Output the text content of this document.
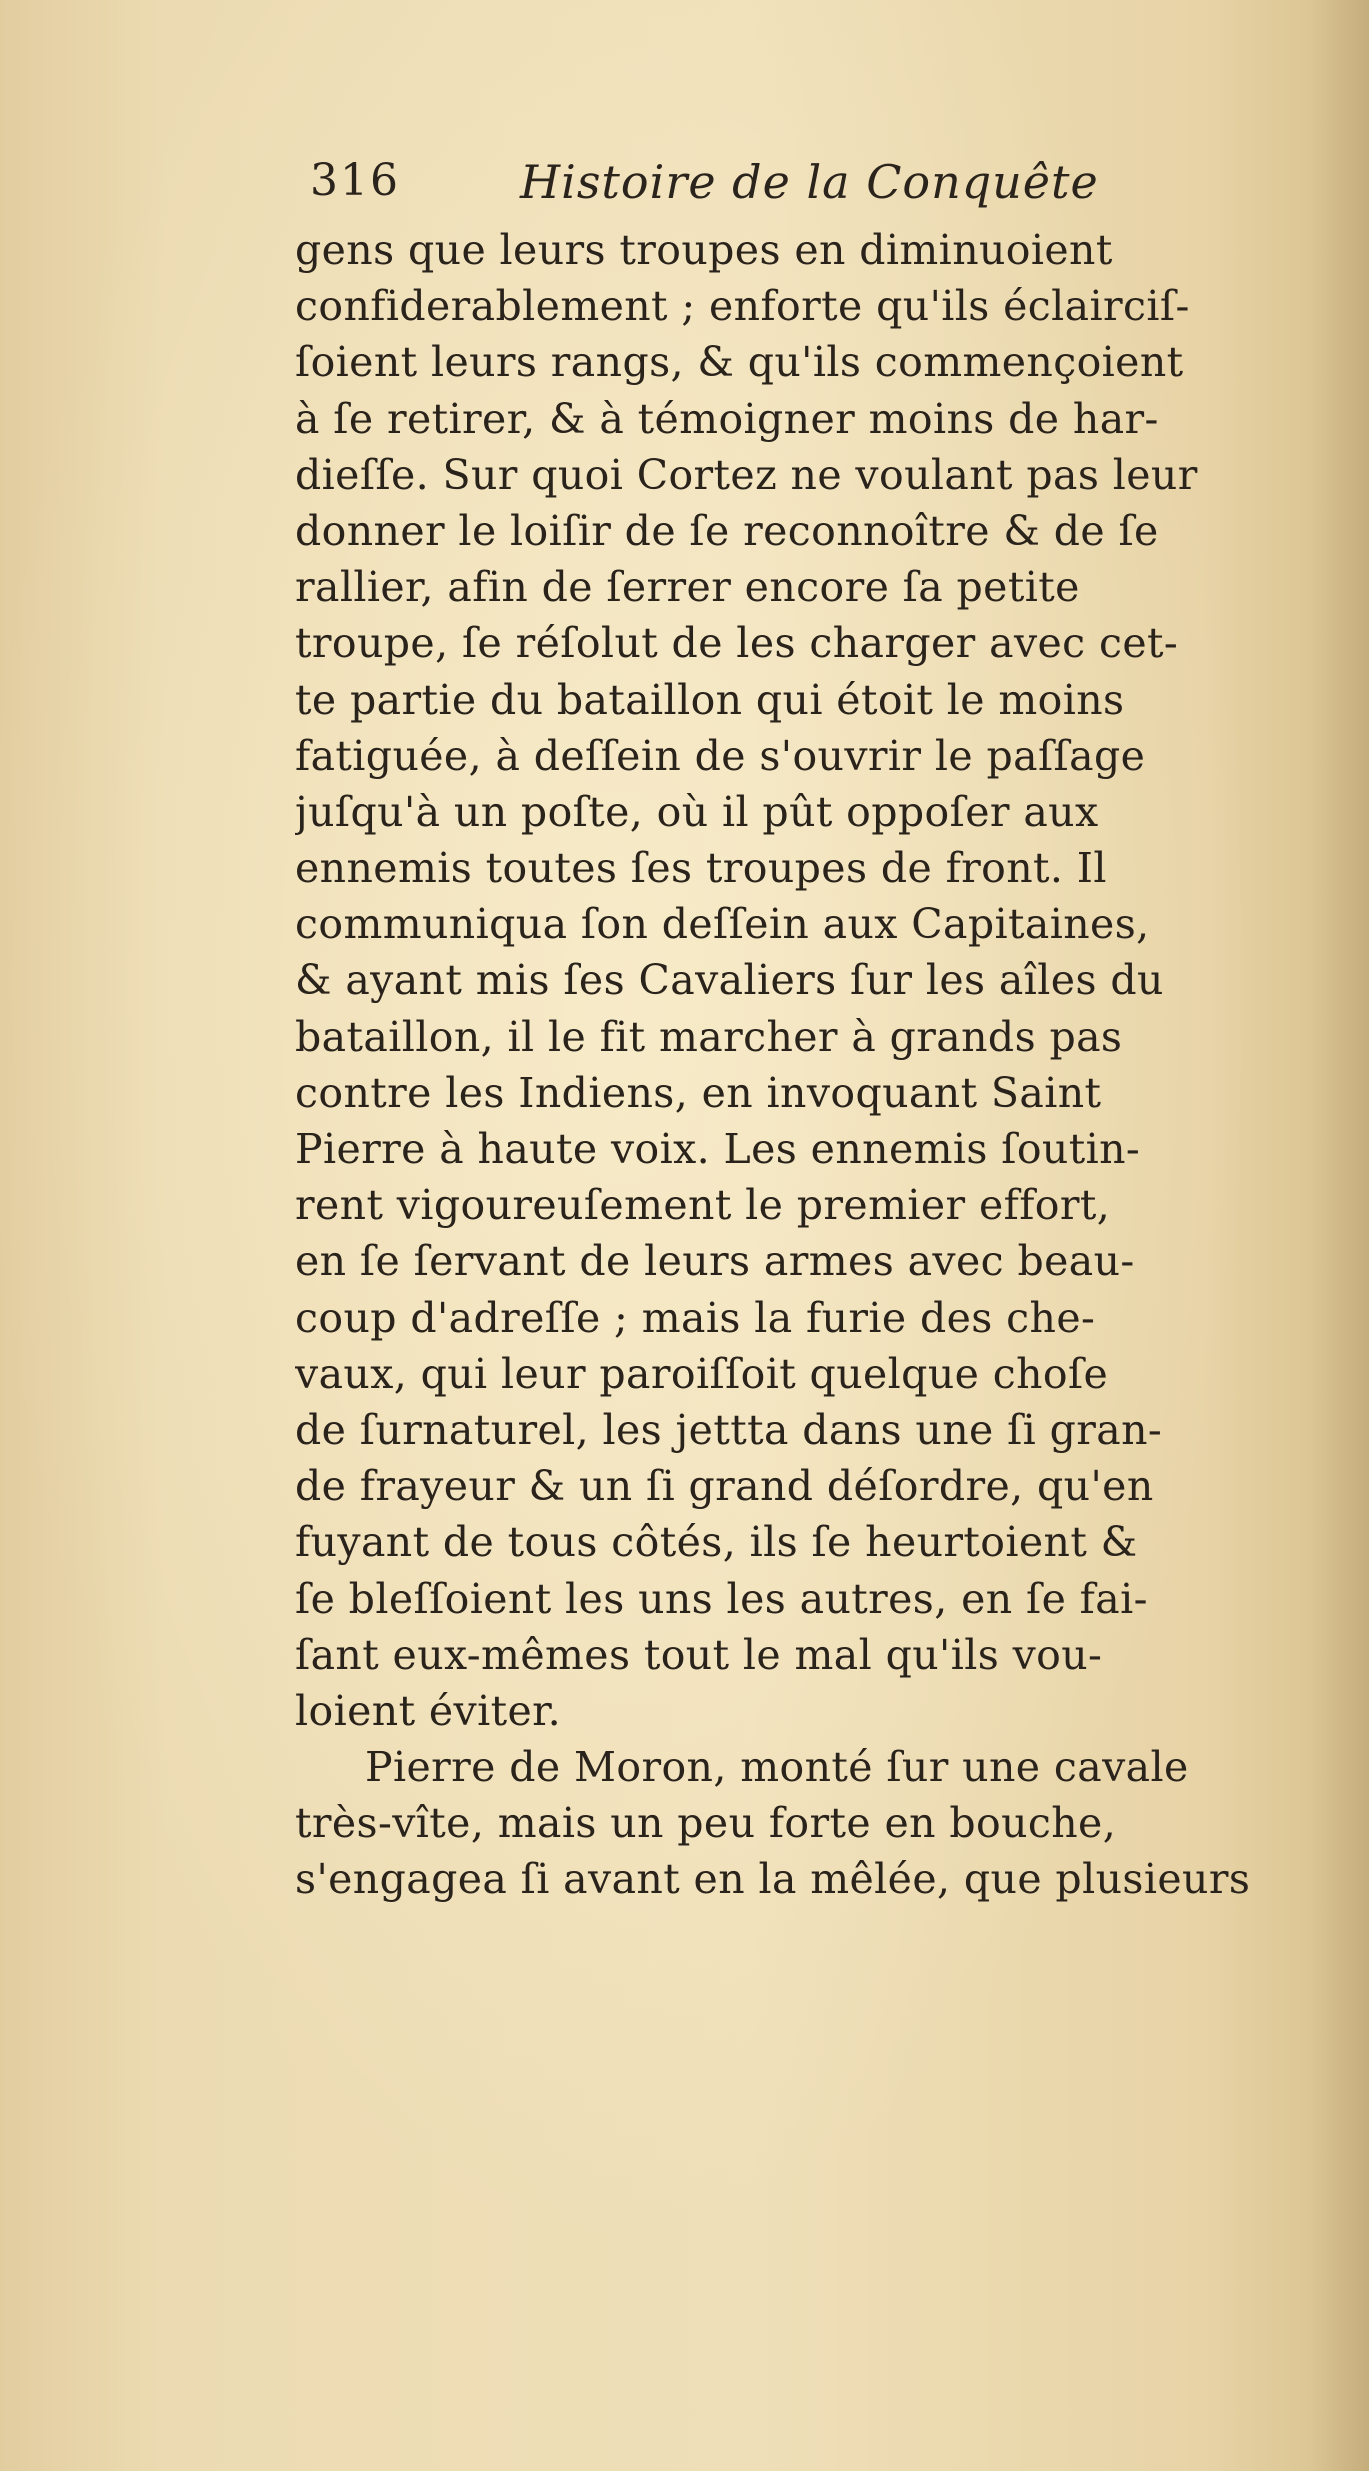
316	Histoire de la Conquête
gens que leurs troupes en diminuoient
confiderablement ; enforte qu'ils éclairciſ-
ſoient leurs rangs, & qu'ils commençoient
à ſe retirer, & à témoigner moins de har-
dieſſe. Sur quoi Cortez ne voulant pas leur
donner le loiſir de ſe reconnoître & de ſe
rallier, afin de ſerrer encore ſa petite
troupe, ſe réſolut de les charger avec cet-
te partie du bataillon qui étoit le moins
fatiguée, à deſſein de s'ouvrir le paſſage
juſqu'à un poſte, où il pût oppoſer aux
ennemis toutes ſes troupes de front. Il
communiqua ſon deſſein aux Capitaines,
& ayant mis ſes Cavaliers ſur les aîles du
bataillon, il le fit marcher à grands pas
contre les Indiens, en invoquant Saint
Pierre à haute voix. Les ennemis ſoutin-
rent vigoureuſement le premier effort,
en ſe ſervant de leurs armes avec beau-
coup d'adreſſe ; mais la furie des che-
vaux, qui leur paroiſſoit quelque choſe
de ſurnaturel, les jettta dans une ſi gran-
de frayeur & un ſi grand déſordre, qu'en
fuyant de tous côtés, ils ſe heurtoient &
ſe bleſſoient les uns les autres, en ſe fai-
ſant eux-mêmes tout le mal qu'ils vou-
loient éviter.
Pierre de Moron, monté ſur une cavale
très-vîte, mais un peu forte en bouche,
s'engagea ſi avant en la mêlée, que plusieurs
